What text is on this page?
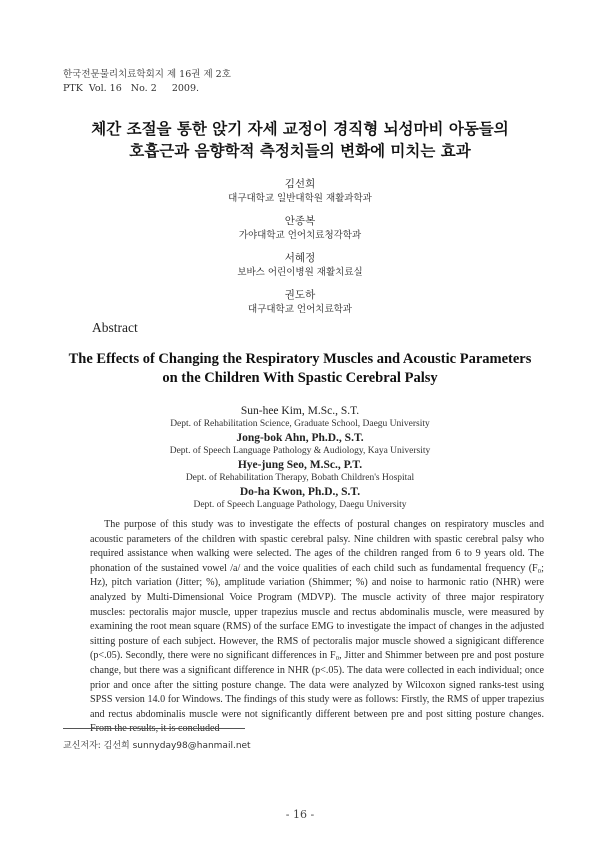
한국전문물리치료학회지 제 16권 제 2호
PTK  Vol. 16   No. 2     2009.
체간 조절을 통한 앉기 자세 교정이 경직형 뇌성마비 아동들의
호흡근과 음향학적 측정치들의 변화에 미치는 효과
김선희
대구대학교 일반대학원 재활과학과
안종복
가야대학교 언어치료청각학과
서혜정
보바스 어린이병원 재활치료실
권도하
대구대학교 언어치료학과
Abstract
The Effects of Changing the Respiratory Muscles and Acoustic Parameters
on the Children With Spastic Cerebral Palsy
Sun-hee Kim, M.Sc., S.T.
Dept. of Rehabilitation Science, Graduate School, Daegu University
Jong-bok Ahn, Ph.D., S.T.
Dept. of Speech Language Pathology & Audiology, Kaya University
Hye-jung Seo, M.Sc., P.T.
Dept. of Rehabilitation Therapy, Bobath Children's Hospital
Do-ha Kwon, Ph.D., S.T.
Dept. of Speech Language Pathology, Daegu University
The purpose of this study was to investigate the effects of postural changes on respiratory muscles and acoustic parameters of the children with spastic cerebral palsy. Nine children with spastic cerebral palsy who required assistance when walking were selected. The ages of the children ranged from 6 to 9 years old. The phonation of the sustained vowel /a/ and the voice qualities of each child such as fundamental frequency (F₀; Hz), pitch variation (Jitter; %), amplitude variation (Shimmer; %) and noise to harmonic ratio (NHR) were analyzed by Multi-Dimensional Voice Program (MDVP). The muscle activity of three major respiratory muscles: pectoralis major muscle, upper trapezius muscle and rectus abdominalis muscle, were measured by examining the root mean square (RMS) of the surface EMG to investigate the impact of changes in the adjusted sitting posture of each subject. However, the RMS of pectoralis major muscle showed a signigicant difference (p<.05). Secondly, there were no significant differences in F₀, Jitter and Shimmer between pre and post posture change, but there was a significant difference in NHR (p<.05). The data were collected in each individual; once prior and once after the sitting posture change. The data were analyzed by Wilcoxon signed ranks-test using SPSS version 14.0 for Windows. The findings of this study were as follows: Firstly, the RMS of upper trapezius and rectus abdominalis muscle were not significantly different between pre and post sitting posture changes.
교신저자: 김선희 sunnyday98@hanmail.net
- 16 -
